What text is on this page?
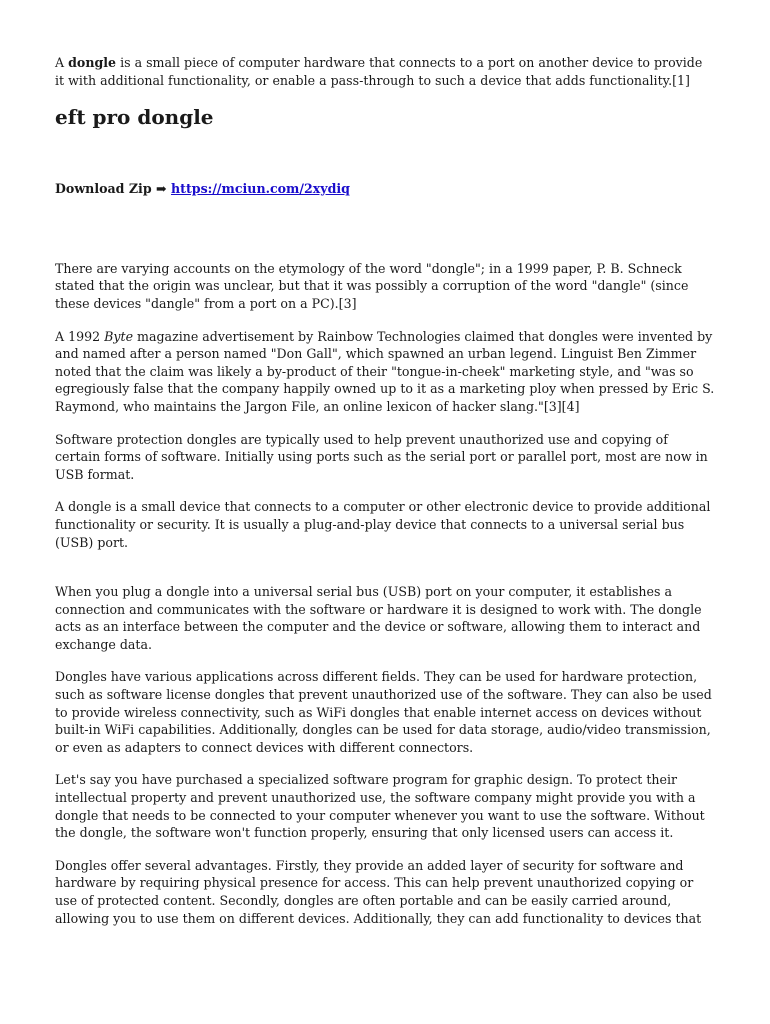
A dongle is a small piece of computer hardware that connects to a port on another device to provide it with additional functionality, or enable a pass-through to such a device that adds functionality.[1]

eft pro dongle

Download Zip ➡ https://mciun.com/2xydiq

There are varying accounts on the etymology of the word "dongle"; in a 1999 paper, P. B. Schneck stated that the origin was unclear, but that it was possibly a corruption of the word "dangle" (since these devices "dangle" from a port on a PC).[3]

A 1992 Byte magazine advertisement by Rainbow Technologies claimed that dongles were invented by and named after a person named "Don Gall", which spawned an urban legend. Linguist Ben Zimmer noted that the claim was likely a by-product of their "tongue-in-cheek" marketing style, and "was so egregiously false that the company happily owned up to it as a marketing ploy when pressed by Eric S. Raymond, who maintains the Jargon File, an online lexicon of hacker slang."[3][4]

Software protection dongles are typically used to help prevent unauthorized use and copying of certain forms of software. Initially using ports such as the serial port or parallel port, most are now in USB format.

A dongle is a small device that connects to a computer or other electronic device to provide additional functionality or security. It is usually a plug-and-play device that connects to a universal serial bus (USB) port.

When you plug a dongle into a universal serial bus (USB) port on your computer, it establishes a connection and communicates with the software or hardware it is designed to work with. The dongle acts as an interface between the computer and the device or software, allowing them to interact and exchange data.

Dongles have various applications across different fields. They can be used for hardware protection, such as software license dongles that prevent unauthorized use of the software. They can also be used to provide wireless connectivity, such as WiFi dongles that enable internet access on devices without built-in WiFi capabilities. Additionally, dongles can be used for data storage, audio/video transmission, or even as adapters to connect devices with different connectors.

Let's say you have purchased a specialized software program for graphic design. To protect their intellectual property and prevent unauthorized use, the software company might provide you with a dongle that needs to be connected to your computer whenever you want to use the software. Without the dongle, the software won't function properly, ensuring that only licensed users can access it.

Dongles offer several advantages. Firstly, they provide an added layer of security for software and hardware by requiring physical presence for access. This can help prevent unauthorized copying or use of protected content. Secondly, dongles are often portable and can be easily carried around, allowing you to use them on different devices. Additionally, they can add functionality to devices that
